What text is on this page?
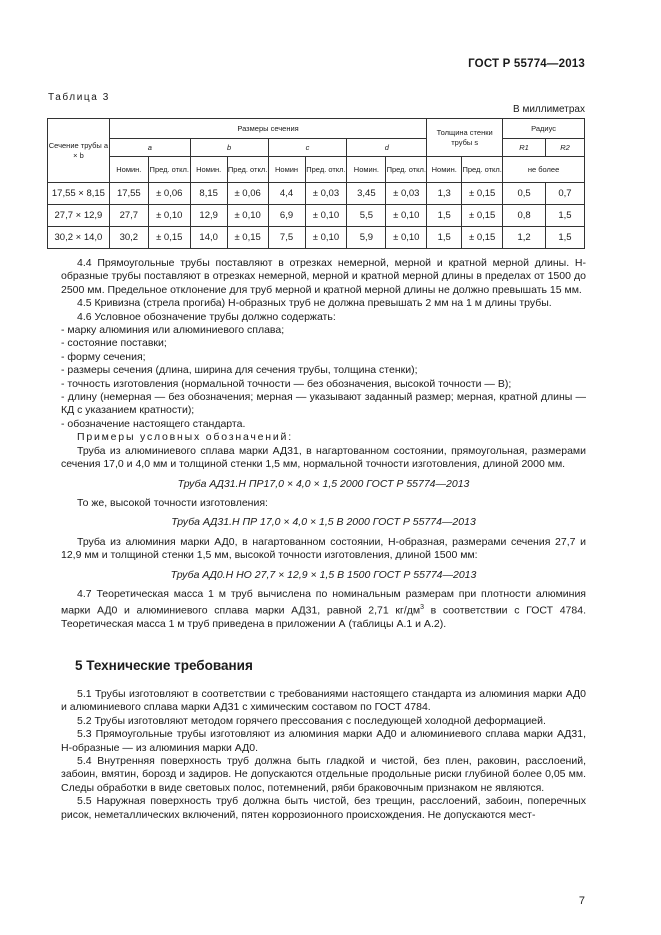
ГОСТ Р 55774—2013
Таблица 3
В миллиметрах
Сечение трубы a × b	Размеры сечения								Толщина стенки трубы s		Радиус	
	a		b		c		d				R1	R2
	Номин.	Пред. откл.	Номин.	Пред. откл.	Номин	Пред. откл.	Номин.	Пред. откл.	Номин.	Пред. откл.	не более	
17,55 × 8,15	17,55	± 0,06	8,15	± 0,06	4,4	± 0,03	3,45	± 0,03	1,3	± 0,15	0,5	0,7
27,7 × 12,9	27,7	± 0,10	12,9	± 0,10	6,9	± 0,10	5,5	± 0,10	1,5	± 0,15	0,8	1,5
30,2 × 14,0	30,2	± 0,15	14,0	± 0,15	7,5	± 0,10	5,9	± 0,10	1,5	± 0,15	1,2	1,5

4.4 Прямоугольные трубы поставляют в отрезках немерной, мерной и кратной мерной длины. Н-образные трубы поставляют в отрезках немерной, мерной и кратной мерной длины в пределах от 1500 до 2500 мм. Предельное отклонение для труб мерной и кратной мерной длины не должно превышать 15 мм.

4.5 Кривизна (стрела прогиба) Н-образных труб не должна превышать 2 мм на 1 м длины трубы.

4.6 Условное обозначение трубы должно содержать:

- марку алюминия или алюминиевого сплава;

- состояние поставки;

- форму сечения;

- размеры сечения (длина, ширина для сечения трубы, толщина стенки);

- точность изготовления (нормальной точности — без обозначения, высокой точности — В);

- длину (немерная — без обозначения; мерная — указывают заданный размер; мерная, кратной длины — КД с указанием кратности);

- обозначение настоящего стандарта.

Примеры условных обозначений:

Труба из алюминиевого сплава марки АД31, в нагартованном состоянии, прямоугольная, размерами сечения 17,0 и 4,0 мм и толщиной стенки 1,5 мм, нормальной точности изготовления, длиной 2000 мм.

Труба АД31.Н ПР17,0 × 4,0 × 1,5 2000 ГОСТ Р 55774—2013

То же, высокой точности изготовления:

Труба АД31.Н ПР 17,0 × 4,0 × 1,5 В 2000 ГОСТ Р 55774—2013

Труба из алюминия марки АД0, в нагартованном состоянии, Н-образная, размерами сечения 27,7 и 12,9 мм и толщиной стенки 1,5 мм, высокой точности изготовления, длиной 1500 мм:

Труба АД0.Н НО 27,7 × 12,9 × 1,5 В 1500 ГОСТ Р 55774—2013

4.7 Теоретическая масса 1 м труб вычислена по номинальным размерам при плотности алюминия марки АД0 и алюминиевого сплава марки АД31, равной 2,71 $кг/дм^3$ в соответствии с ГОСТ 4784. Теоретическая масса 1 м труб приведена в приложении А (таблицы А.1 и А.2).

5 Технические требования

5.1 Трубы изготовляют в соответствии с требованиями настоящего стандарта из алюминия марки АД0 и алюминиевого сплава марки АД31 с химическим составом по ГОСТ 4784.

5.2 Трубы изготовляют методом горячего прессования с последующей холодной деформацией.

5.3 Прямоугольные трубы изготовляют из алюминия марки АД0 и алюминиевого сплава марки АД31, Н-образные — из алюминия марки АД0.

5.4 Внутренняя поверхность труб должна быть гладкой и чистой, без плен, раковин, расслоений, забоин, вмятин, борозд и задиров. Не допускаются отдельные продольные риски глубиной более 0,05 мм. Следы обработки в виде световых полос, потемнений, ряби браковочным признаком не являются.

5.5 Наружная поверхность труб должна быть чистой, без трещин, расслоений, забоин, поперечных рисок, неметаллических включений, пятен коррозионного происхождения. Не допускаются мест-

7
